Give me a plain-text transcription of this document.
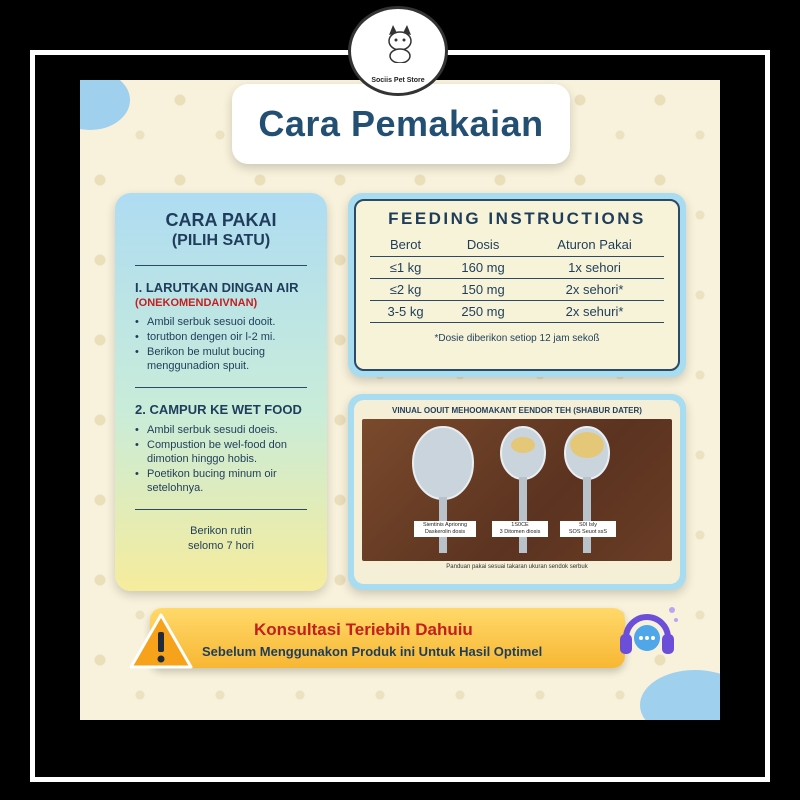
Sociis Pet Store
Cara Pemakaian
CARA PAKAI
(PILIH SATU)
I. LARUTKAN DINGAN AIR
(ONEKOMENDAIVNAN)
• Ambil serbuk sesuoi dooit.
• torutbon dengen oir l-2 mi.
• Berikon be mulut bucing menggunadion spuit.
2. CAMPUR KE WET FOOD
• Ambil serbuk sesudi doeis.
• Compustion be wel-food don dimotion hinggo hobis.
• Poetikon bucing minum oir setelohnya.
Berikon rutin
selomo 7 hori
FEEDING INSTRUCTIONS
Berot	Dosis	Aturon Pakai
≤1 kg	160 mg	1x sehori
≤2 kg	150 mg	2x sehori*
3-5 kg	250 mg	2x sehuri*
*Dosie diberikon setiop 12 jam sekoß
VINUAL OOUIT MEHOOMAKANT EENDOR TEH (SHABUR DATER)
Sientinis Aprionng
Daskerolin dosis
1S0CE
3 Ditomen diosis
S0I Isly
SOS Seuot ssS
Panduan pakai sesuai takaran ukuran sendok serbuk
Konsultasi Teriebih Dahuiu
Sebelum Menggunakon Produk ini Untuk Hasil Optimel
